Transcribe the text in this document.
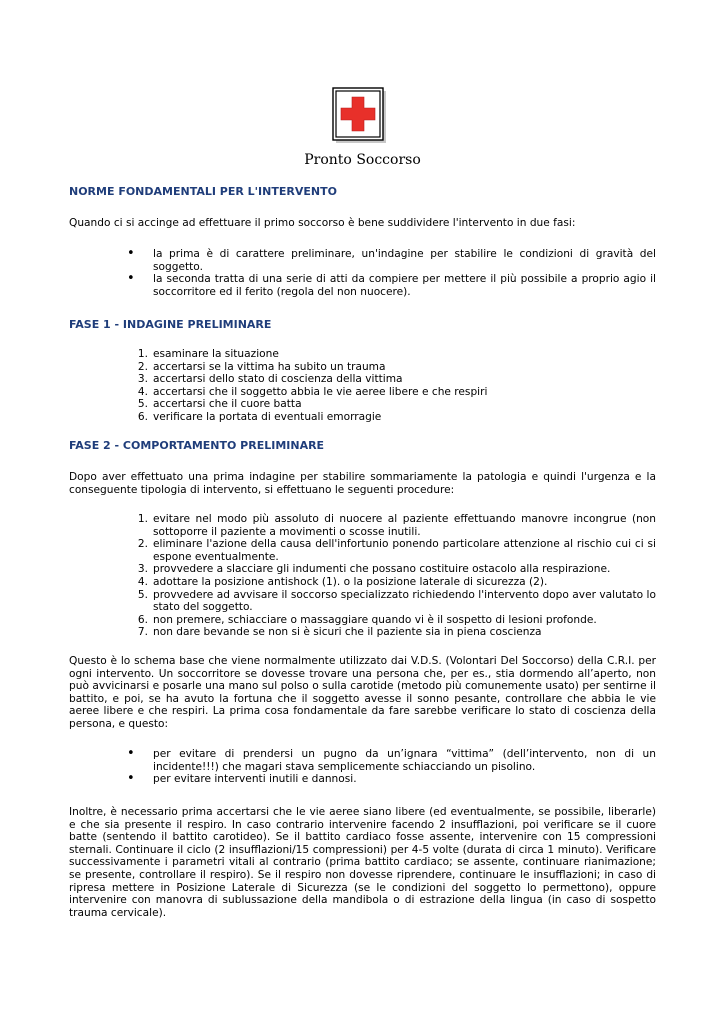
Pronto Soccorso
NORME FONDAMENTALI PER L'INTERVENTO
Quando ci si accinge ad effettuare il primo soccorso è bene suddividere l'intervento in due fasi:
•	la prima è di carattere preliminare, un'indagine per stabilire le condizioni di gravità del soggetto.
•	la seconda tratta di una serie di atti da compiere per mettere il più possibile a proprio agio il soccorritore ed il ferito (regola del non nuocere).
FASE 1 - INDAGINE PRELIMINARE
1. esaminare la situazione
2. accertarsi se la vittima ha subito un trauma
3. accertarsi dello stato di coscienza della vittima
4. accertarsi che il soggetto abbia le vie aeree libere e che respiri
5. accertarsi che il cuore batta
6. verificare la portata di eventuali emorragie
FASE 2 - COMPORTAMENTO PRELIMINARE
Dopo aver effettuato una prima indagine per stabilire sommariamente la patologia e quindi l'urgenza e la conseguente tipologia di intervento, si effettuano le seguenti procedure:
1. evitare nel modo più assoluto di nuocere al paziente effettuando manovre incongrue (non sottoporre il paziente a movimenti o scosse inutili.
2. eliminare l'azione della causa dell'infortunio ponendo particolare attenzione al rischio cui ci si espone eventualmente.
3. provvedere a slacciare gli indumenti che possano costituire ostacolo alla respirazione.
4. adottare la posizione antishock (1). o la posizione laterale di sicurezza (2).
5. provvedere ad avvisare il soccorso specializzato richiedendo l'intervento dopo aver valutato lo stato del soggetto.
6. non premere, schiacciare o massaggiare quando vi è il sospetto di lesioni profonde.
7. non dare bevande se non si è sicuri che il paziente sia in piena coscienza
Questo è lo schema base che viene normalmente utilizzato dai V.D.S. (Volontari Del Soccorso) della C.R.I. per ogni intervento. Un soccorritore se dovesse trovare una persona che, per es., stia dormendo all’aperto, non può avvicinarsi e posarle una mano sul polso o sulla carotide (metodo più comunemente usato) per sentirne il battito, e poi, se ha avuto la fortuna che il soggetto avesse il sonno pesante, controllare che abbia le vie aeree libere e che respiri. La prima cosa fondamentale da fare sarebbe verificare lo stato di coscienza della persona, e questo:
•	per evitare di prendersi un pugno da un’ignara “vittima” (dell’intervento, non di un incidente!!!) che magari stava semplicemente schiacciando un pisolino.
•	per evitare interventi inutili e dannosi.
Inoltre, è necessario prima accertarsi che le vie aeree siano libere (ed eventualmente, se possibile, liberarle) e che sia presente il respiro. In caso contrario intervenire facendo 2 insufflazioni, poi verificare se il cuore batte (sentendo il battito carotideo). Se il battito cardiaco fosse assente, intervenire con 15 compressioni sternali. Continuare il ciclo (2 insufflazioni/15 compressioni) per 4-5 volte (durata di circa 1 minuto). Verificare successivamente i parametri vitali al contrario (prima battito cardiaco; se assente, continuare rianimazione; se presente, controllare il respiro). Se il respiro non dovesse riprendere, continuare le insufflazioni; in caso di ripresa mettere in Posizione Laterale di Sicurezza (se le condizioni del soggetto lo permettono), oppure intervenire con manovra di sublussazione della mandibola o di estrazione della lingua (in caso di sospetto trauma cervicale).
